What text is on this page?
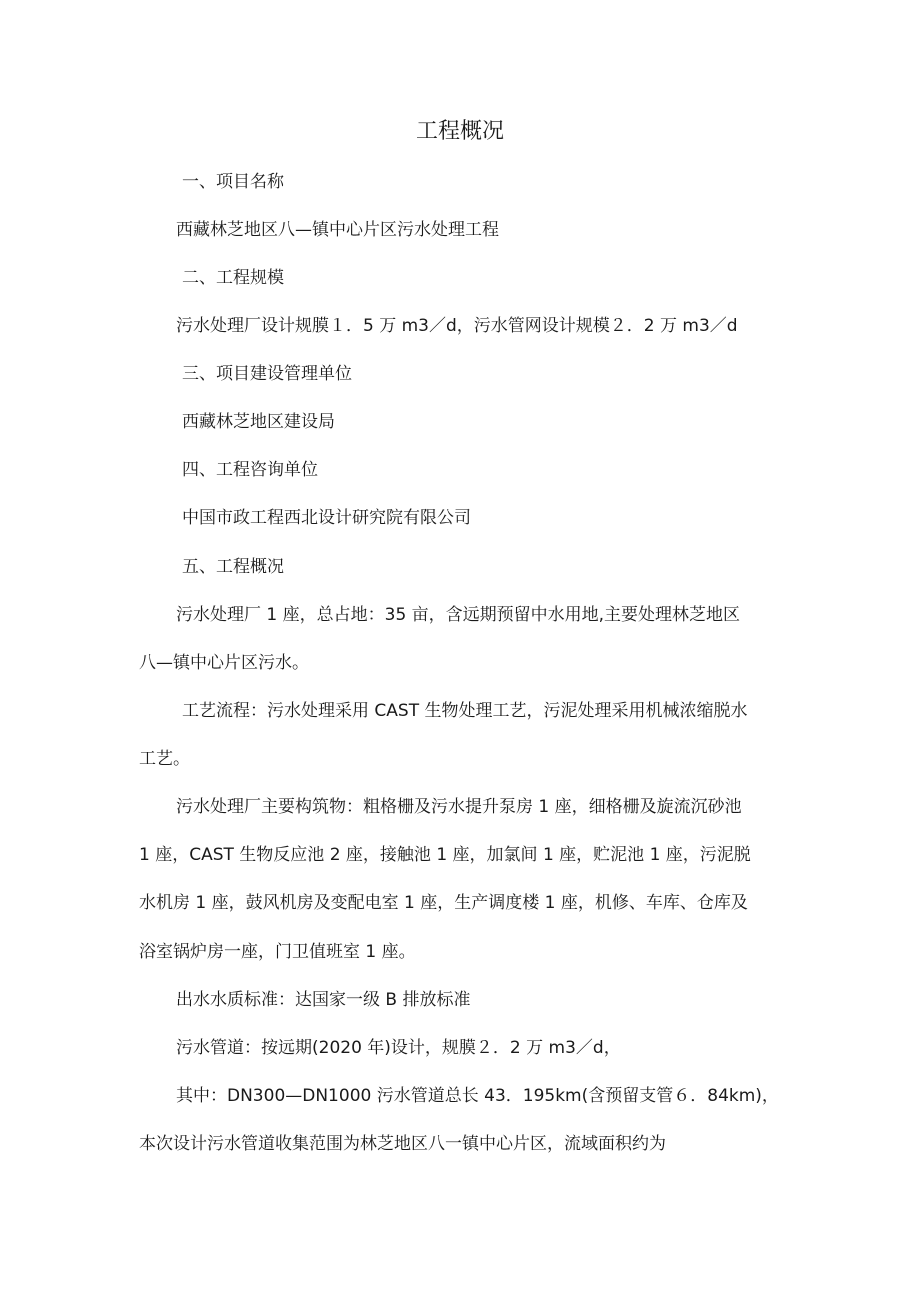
工程概况

一、项目名称

西藏林芝地区八—镇中心片区污水处理工程

二、工程规模

污水处理厂设计规膜１．5 万 m3／d，污水管网设计规模２．2 万 m3／d

三、项目建设管理单位

西藏林芝地区建设局

四、工程咨询单位

中国市政工程西北设计研究院有限公司

五、工程概况

污水处理厂 1 座，总占地：35 亩，含远期预留中水用地,主要处理林芝地区

八—镇中心片区污水。

工艺流程：污水处理采用 CAST 生物处理工艺，污泥处理采用机械浓缩脱水

工艺。

污水处理厂主要构筑物：粗格栅及污水提升泵房 1 座，细格栅及旋流沉砂池

1 座，CAST 生物反应池 2 座，接触池 1 座，加氯间 1 座，贮泥池 1 座，污泥脱

水机房 1 座，鼓风机房及变配电室 1 座，生产调度楼 1 座，机修、车库、仓库及

浴室锅炉房一座，门卫值班室 1 座。

出水水质标准：达国家一级 B 排放标准

污水管道：按远期(2020 年)设计，规膜２．2 万 m3／d，

其中：DN300—DN1000 污水管道总长 43．195km(含预留支管６．84km)，

本次设计污水管道收集范围为林芝地区八一镇中心片区，流域面积约为
